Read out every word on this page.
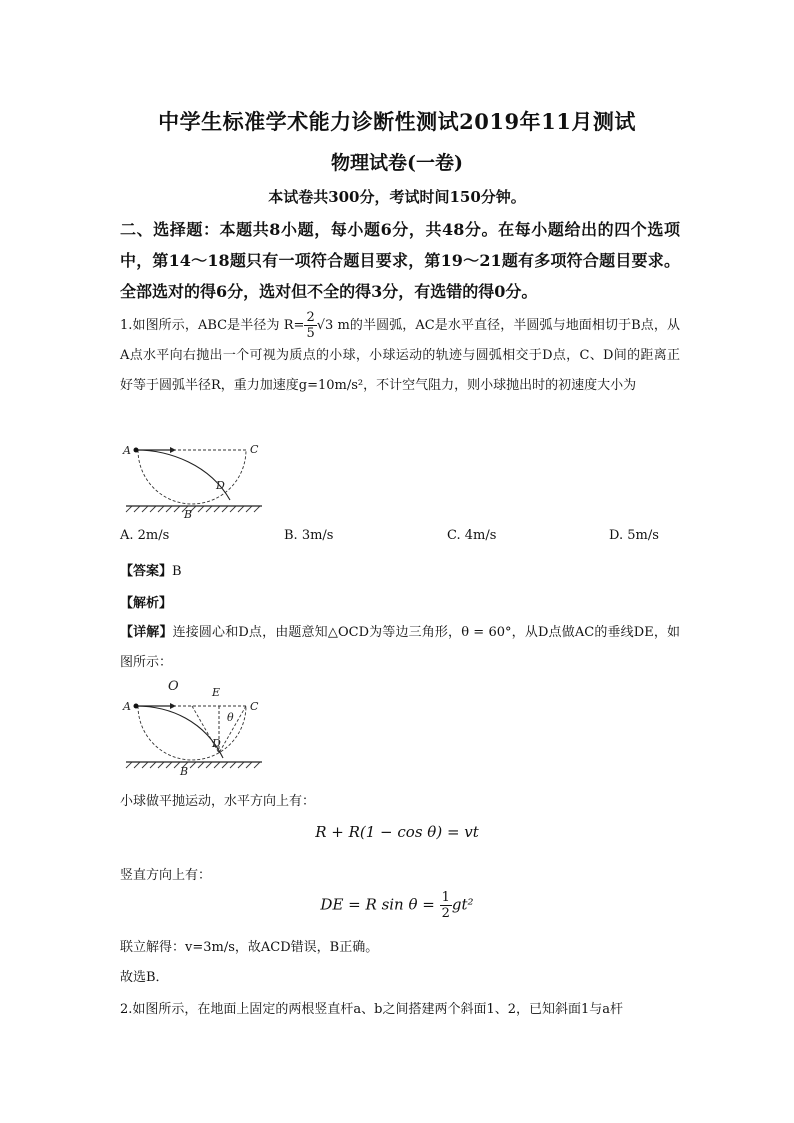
中学生标准学术能力诊断性测试2019年11月测试
物理试卷(一卷)
本试卷共300分，考试时间150分钟。
二、选择题：本题共8小题，每小题6分，共48分。在每小题给出的四个选项中，第14～18题只有一项符合题目要求，第19～21题有多项符合题目要求。全部选对的得6分，选对但不全的得3分，有选错的得0分。
1.如图所示，ABC是半径为 $R= \frac{2}{5} √3$ m的半圆弧，AC是水平直径，半圆弧与地面相切于B点，从A点水平向右抛出一个可视为质点的小球，小球运动的轨迹与圆弧相交于D点，C、D间的距离正好等于圆弧半径R，重力加速度g=10m/s²，不计空气阻力，则小球抛出时的初速度大小为
A	C
D
B
A. 2m/s	B. 3m/s	C. 4m/s	D. 5m/s
【答案】B
【解析】
【详解】连接圆心和D点，由题意知△OCD为等边三角形，θ = 60°，从D点做AC的垂线DE，如图所示：
O	E
A	C
θ
D
B
小球做平抛运动，水平方向上有：
R + R(1 − cos θ) = vt
竖直方向上有：
DE = R $\sin \theta = \frac{1}{2} gt^2$
联立解得：v=3m/s，故ACD错误，B正确。
故选B．
2.如图所示，在地面上固定的两根竖直杆a、b之间搭建两个斜面1、2，已知斜面1与a杆
